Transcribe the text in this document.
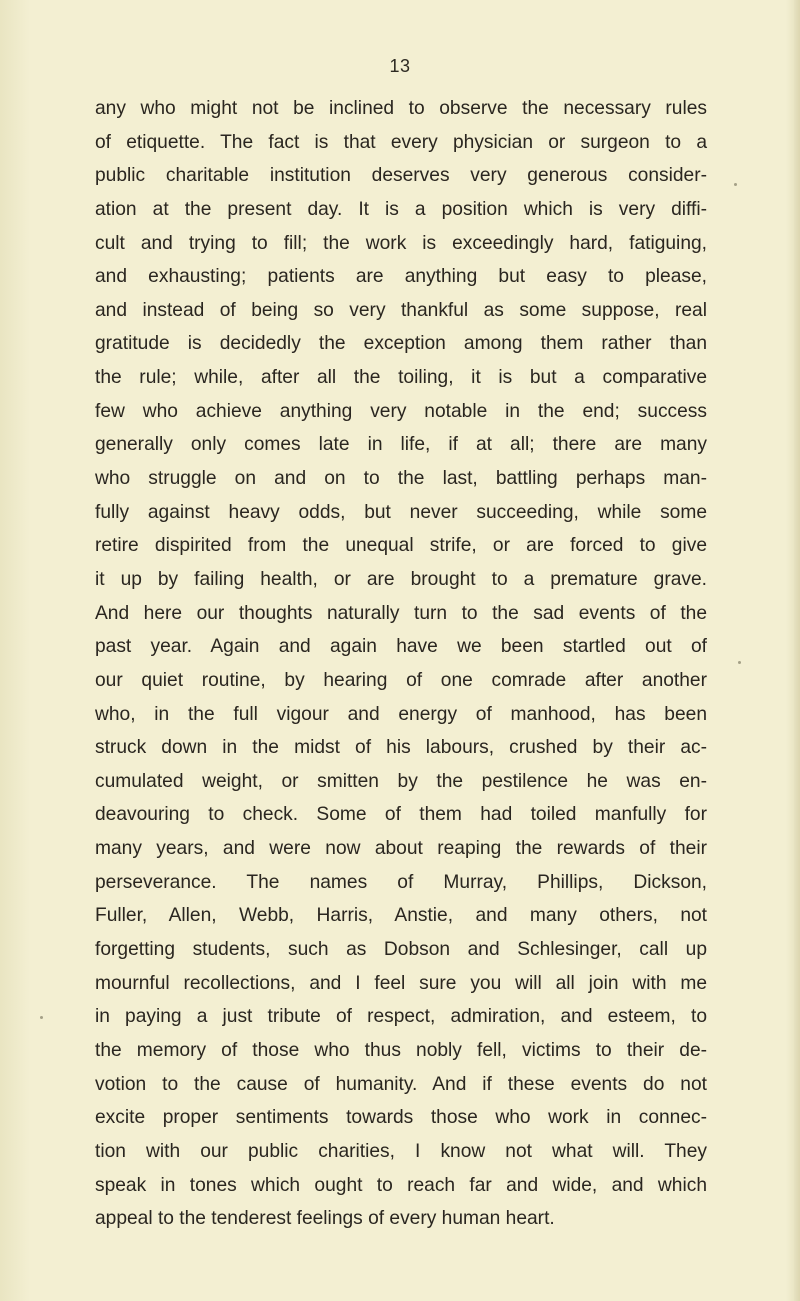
13
any who might not be inclined to observe the necessary rules
of etiquette. The fact is that every physician or surgeon to a
public charitable institution deserves very generous consider-
ation at the present day. It is a position which is very diffi-
cult and trying to fill; the work is exceedingly hard, fatiguing,
and exhausting; patients are anything but easy to please,
and instead of being so very thankful as some suppose, real
gratitude is decidedly the exception among them rather than
the rule; while, after all the toiling, it is but a comparative
few who achieve anything very notable in the end; success
generally only comes late in life, if at all; there are many
who struggle on and on to the last, battling perhaps man-
fully against heavy odds, but never succeeding, while some
retire dispirited from the unequal strife, or are forced to give
it up by failing health, or are brought to a premature grave.
And here our thoughts naturally turn to the sad events of the
past year. Again and again have we been startled out of
our quiet routine, by hearing of one comrade after another
who, in the full vigour and energy of manhood, has been
struck down in the midst of his labours, crushed by their ac-
cumulated weight, or smitten by the pestilence he was en-
deavouring to check. Some of them had toiled manfully for
many years, and were now about reaping the rewards of their
perseverance. The names of Murray, Phillips, Dickson,
Fuller, Allen, Webb, Harris, Anstie, and many others, not
forgetting students, such as Dobson and Schlesinger, call up
mournful recollections, and I feel sure you will all join with me
in paying a just tribute of respect, admiration, and esteem, to
the memory of those who thus nobly fell, victims to their de-
votion to the cause of humanity. And if these events do not
excite proper sentiments towards those who work in connec-
tion with our public charities, I know not what will. They
speak in tones which ought to reach far and wide, and which
appeal to the tenderest feelings of every human heart.
